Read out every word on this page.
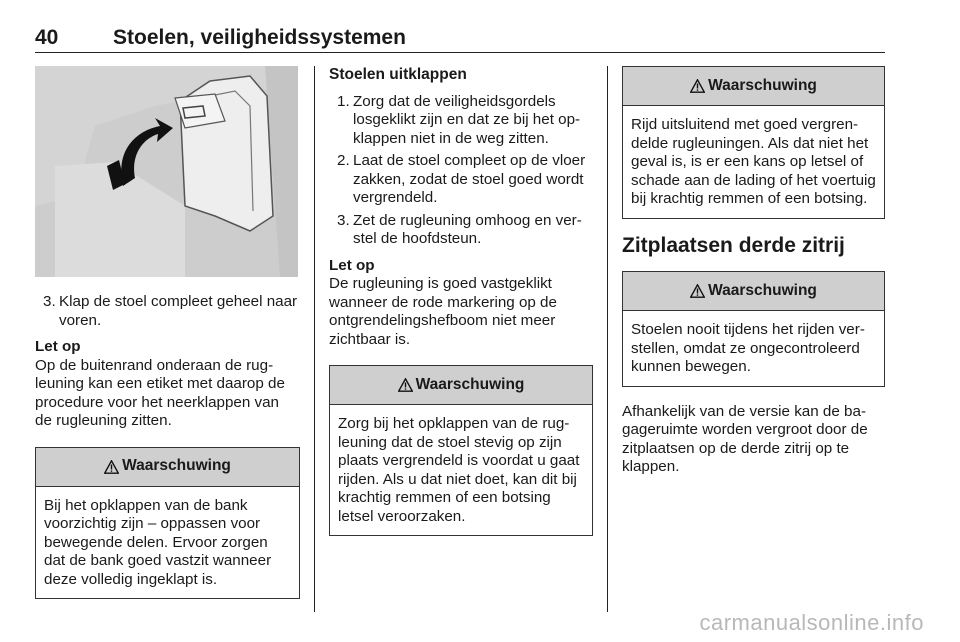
40	Stoelen, veiligheidssystemen
3. Klap de stoel compleet geheel naar voren.

Let op

Op de buitenrand onderaan de rugleuning kan een etiket met daarop de procedure voor het neerklappen van de rugleuning zitten.

Waarschuwing
Bij het opklappen van de bank voorzichtig zijn – oppassen voor bewegende delen. Ervoor zorgen dat de bank goed vastzit wanneer deze volledig ingeklapt is.

Stoelen uitklappen

1. Zorg dat de veiligheidsgordels losgeklikt zijn en dat ze bij het opklappen niet in de weg zitten.
2. Laat de stoel compleet op de vloer zakken, zodat de stoel goed wordt vergrendeld.
3. Zet de rugleuning omhoog en verstel de hoofdsteun.

Let op

De rugleuning is goed vastgeklikt wanneer de rode markering op de ontgrendelingshefboom niet meer zichtbaar is.

Waarschuwing
Zorg bij het opklappen van de rugleuning dat de stoel stevig op zijn plaats vergrendeld is voordat u gaat rijden. Als u dat niet doet, kan dit bij krachtig remmen of een botsing letsel veroorzaken.
Waarschuwing
Rijd uitsluitend met goed vergrendelde rugleuningen. Als dat niet het geval is, is er een kans op letsel of schade aan de lading of het voertuig bij krachtig remmen of een botsing.

Zitplaatsen derde zitrij

Waarschuwing
Stoelen nooit tijdens het rijden verstellen, omdat ze ongecontroleerd kunnen bewegen.

Afhankelijk van de versie kan de bagageruimte worden vergroot door de zitplaatsen op de derde zitrij op te klappen.

carmanualsonline.info
